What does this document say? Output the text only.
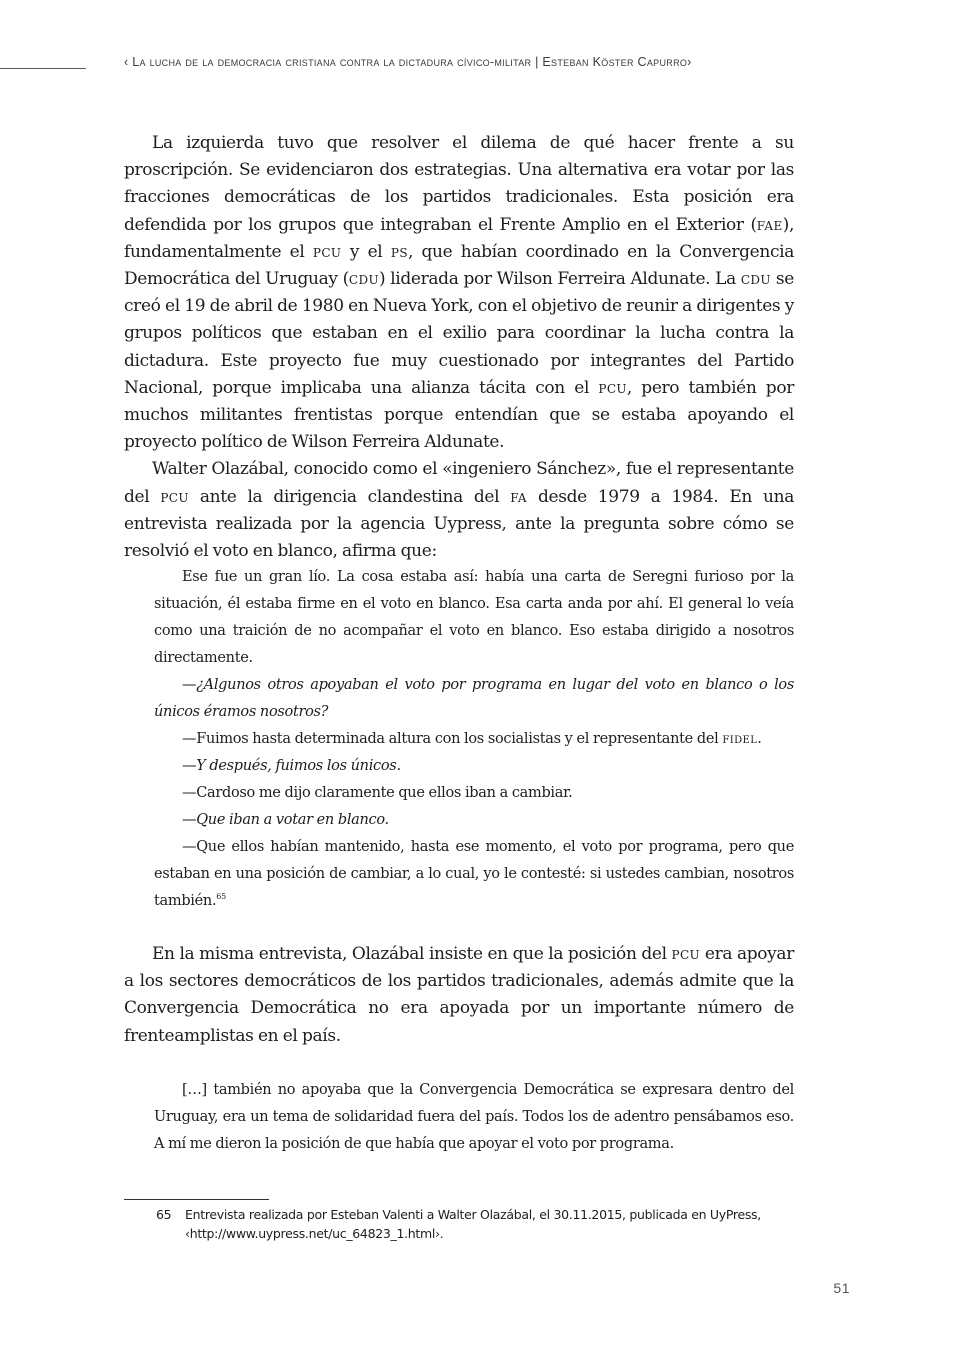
‹ La lucha de la democracia cristiana contra la dictadura cívico-militar | Esteban Köster Capurro›

La izquierda tuvo que resolver el dilema de qué hacer frente a su proscripción. Se evidenciaron dos estrategias. Una alternativa era votar por las fracciones democráticas de los partidos tradicionales. Esta posición era defendida por los grupos que integraban el Frente Amplio en el Exterior (fae), fundamentalmente el pcu y el ps, que habían coordinado en la Convergencia Democrática del Uruguay (cdu) liderada por Wilson Ferreira Aldunate. La cdu se creó el 19 de abril de 1980 en Nueva York, con el objetivo de reunir a dirigentes y grupos políticos que estaban en el exilio para coordinar la lucha contra la dictadura. Este proyecto fue muy cuestionado por integrantes del Partido Nacional, porque implicaba una alianza tácita con el pcu, pero también por muchos militantes frentistas porque entendían que se estaba apoyando el proyecto político de Wilson Ferreira Aldunate.

Walter Olazábal, conocido como el «ingeniero Sánchez», fue el representante del pcu ante la dirigencia clandestina del fa desde 1979 a 1984. En una entrevista realizada por la agencia Uypress, ante la pregunta sobre cómo se resolvió el voto en blanco, afirma que:

Ese fue un gran lío. La cosa estaba así: había una carta de Seregni furioso por la situación, él estaba firme en el voto en blanco. Esa carta anda por ahí. El general lo veía como una traición de no acompañar el voto en blanco. Eso estaba dirigido a nosotros directamente.

—¿Algunos otros apoyaban el voto por programa en lugar del voto en blanco o los únicos éramos nosotros?

—Fuimos hasta determinada altura con los socialistas y el representante del fidel.

—Y después, fuimos los únicos.

—Cardoso me dijo claramente que ellos iban a cambiar.

—Que iban a votar en blanco.

—Que ellos habían mantenido, hasta ese momento, el voto por programa, pero que estaban en una posición de cambiar, a lo cual, yo le contesté: si ustedes cambian, nosotros también.$^{65}$

En la misma entrevista, Olazábal insiste en que la posición del pcu era apoyar a los sectores democráticos de los partidos tradicionales, además admite que la Convergencia Democrática no era apoyada por un importante número de frenteamplistas en el país.

[…] también no apoyaba que la Convergencia Democrática se expresara dentro del Uruguay, era un tema de solidaridad fuera del país. Todos los de adentro pensábamos eso. A mí me dieron la posición de que había que apoyar el voto por programa.

65 Entrevista realizada por Esteban Valenti a Walter Olazábal, el 30.11.2015, publicada en UyPress, ‹http://www.uypress.net/uc_64823_1.html›.
51
